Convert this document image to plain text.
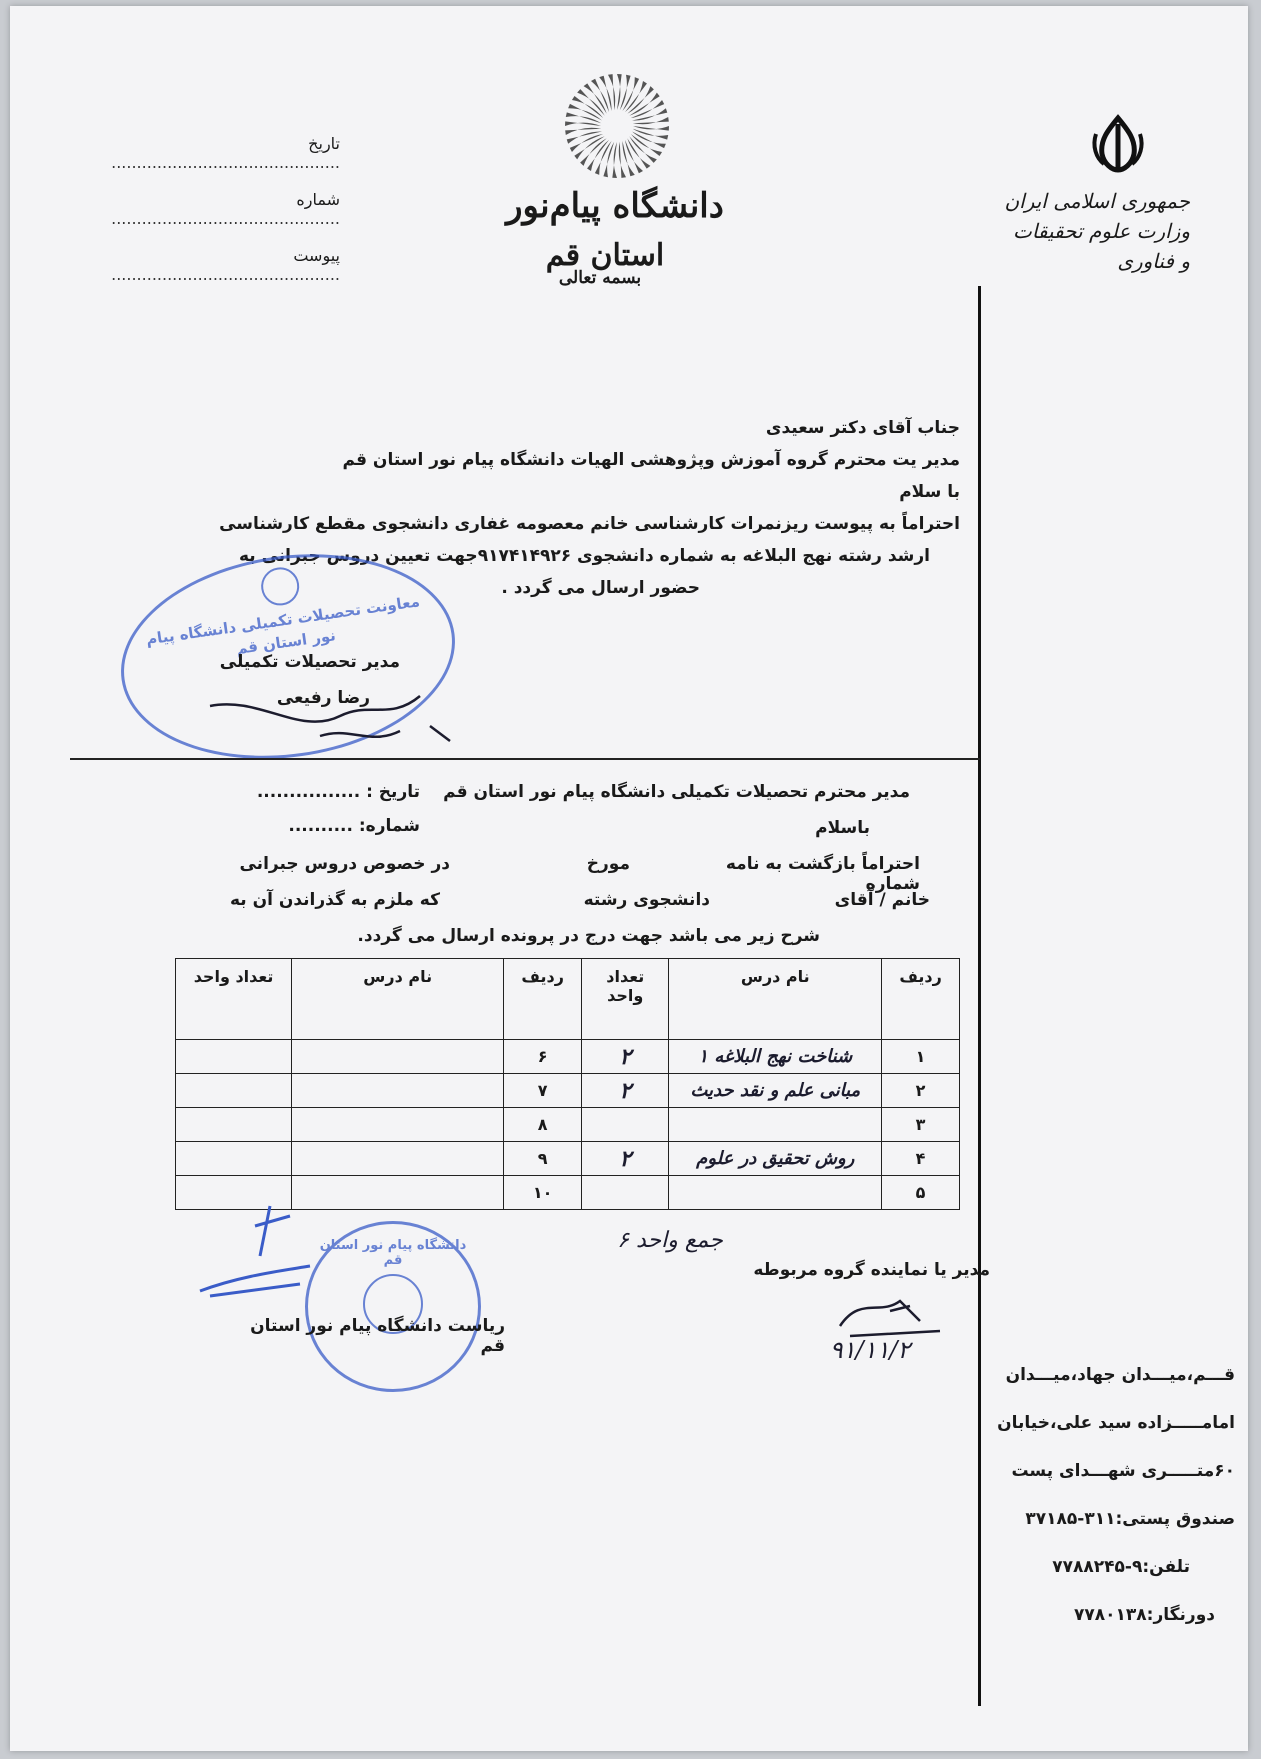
جمهوری اسلامی ایران
وزارت علوم تحقیقات و فناوری
دانشگاه پیام‌نور
استان قم
بسمه تعالی
تاریخ .............................................
شماره .............................................
پیوست .............................................
جناب آقای دکتر سعیدی
مدیر یت محترم گروه آموزش وپژوهشی الهیات دانشگاه پیام نور استان قم
با سلام
احتراماً به پیوست ریزنمرات کارشناسی خانم معصومه غفاری دانشجوی مقطع کارشناسی
ارشد رشته نهج البلاغه به شماره دانشجوی ۹۱۷۴۱۴۹۲۶جهت تعیین دروس جبرانی به
حضور ارسال می گردد .
معاونت تحصیلات تکمیلی دانشگاه پیام نور استان قم
مدیر تحصیلات تکمیلی
رضا رفیعی
مدیر محترم تحصیلات تکمیلی دانشگاه پیام نور استان قم
تاریخ : ................
شماره: ..........	باسلام
احتراماً بازگشت به نامه شماره
مورخ
در خصوص دروس جبرانی
خانم / آقای
دانشجوی رشته
که ملزم به گذراندن آن به
شرح زیر می باشد جهت درج در پرونده ارسال می گردد.
ردیف	نام درس	تعداد واحد	ردیف	نام درس	تعداد واحد
۱	شناخت نهج البلاغه ۱	۲	۶		
۲	مبانی علم و نقد حدیث	۲	۷		
۳			۸		
۴	روش تحقیق در علوم	۲	۹		
۵			۱۰		
جمع واحد ۶
مدیر یا نماینده گروه مربوطه
۹۱/۱۱/۲
دانشگاه پیام نور استان قم
ریاست دانشگاه پیام نور استان قم
قـــم،میـــدان جهاد،میـــدان
امامـــــزاده سید علی،خیابان
۶۰متـــــری شهـــدای پست
صندوق پستی:۳۱۱-۳۷۱۸۵
تلفن:۹-۷۷۸۸۲۴۵
دورنگار:۷۷۸۰۱۳۸
